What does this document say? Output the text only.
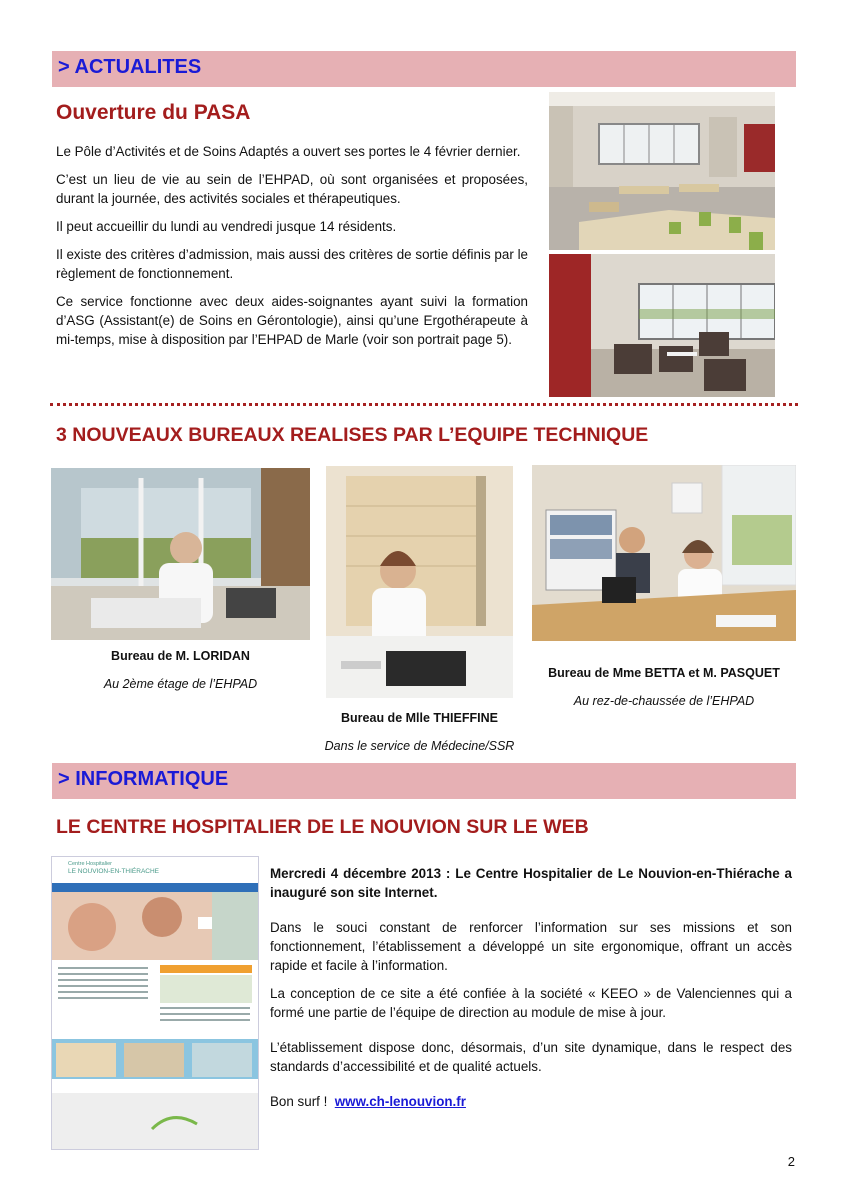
> ACTUALITES
Ouverture du PASA

Le Pôle d’Activités et de Soins Adaptés a ouvert ses portes le 4 février dernier.

C’est un lieu de vie au sein de l’EHPAD, où sont organisées et proposées, durant la journée, des activités sociales et thérapeutiques.

Il peut accueillir du lundi au vendredi jusque 14 résidents.

Il existe des critères d’admission, mais aussi des critères de sortie définis par le règlement de fonctionnement.

Ce service fonctionne avec deux aides-soignantes ayant suivi la formation d’ASG (Assistant(e) de Soins en Gérontologie), ainsi qu’une Ergothérapeute à mi-temps, mise à disposition par l’EHPAD de Marle (voir son portrait page 5).

3 NOUVEAUX BUREAUX REALISES PAR L’EQUIPE TECHNIQUE
Bureau de M. LORIDAN
Au 2ème étage de l’EHPAD
Bureau de Mlle THIEFFINE
Dans le service de Médecine/SSR
Bureau de Mme BETTA et M. PASQUET
Au rez-de-chaussée de l’EHPAD
> INFORMATIQUE
LE CENTRE HOSPITALIER DE LE NOUVION SUR LE WEB
Centre Hospitalier
LE NOUVION-EN-THIÉRACHE	Mercredi 4 décembre 2013 : Le Centre Hospitalier de Le Nouvion-en-Thiérache a inauguré son site Internet.

Dans le souci constant de renforcer l’information sur ses missions et son fonctionnement, l’établissement a développé un site ergonomique, offrant un accès rapide et facile à l’information.

La conception de ce site a été confiée à la société « KEEO » de Valenciennes qui a formé une partie de l’équipe de direction au module de mise à jour.

L’établissement dispose donc, désormais, d’un site dynamique, dans le respect des standards d’accessibilité et de qualité actuels.

Bon surf ! www.ch-lenouvion.fr

2
